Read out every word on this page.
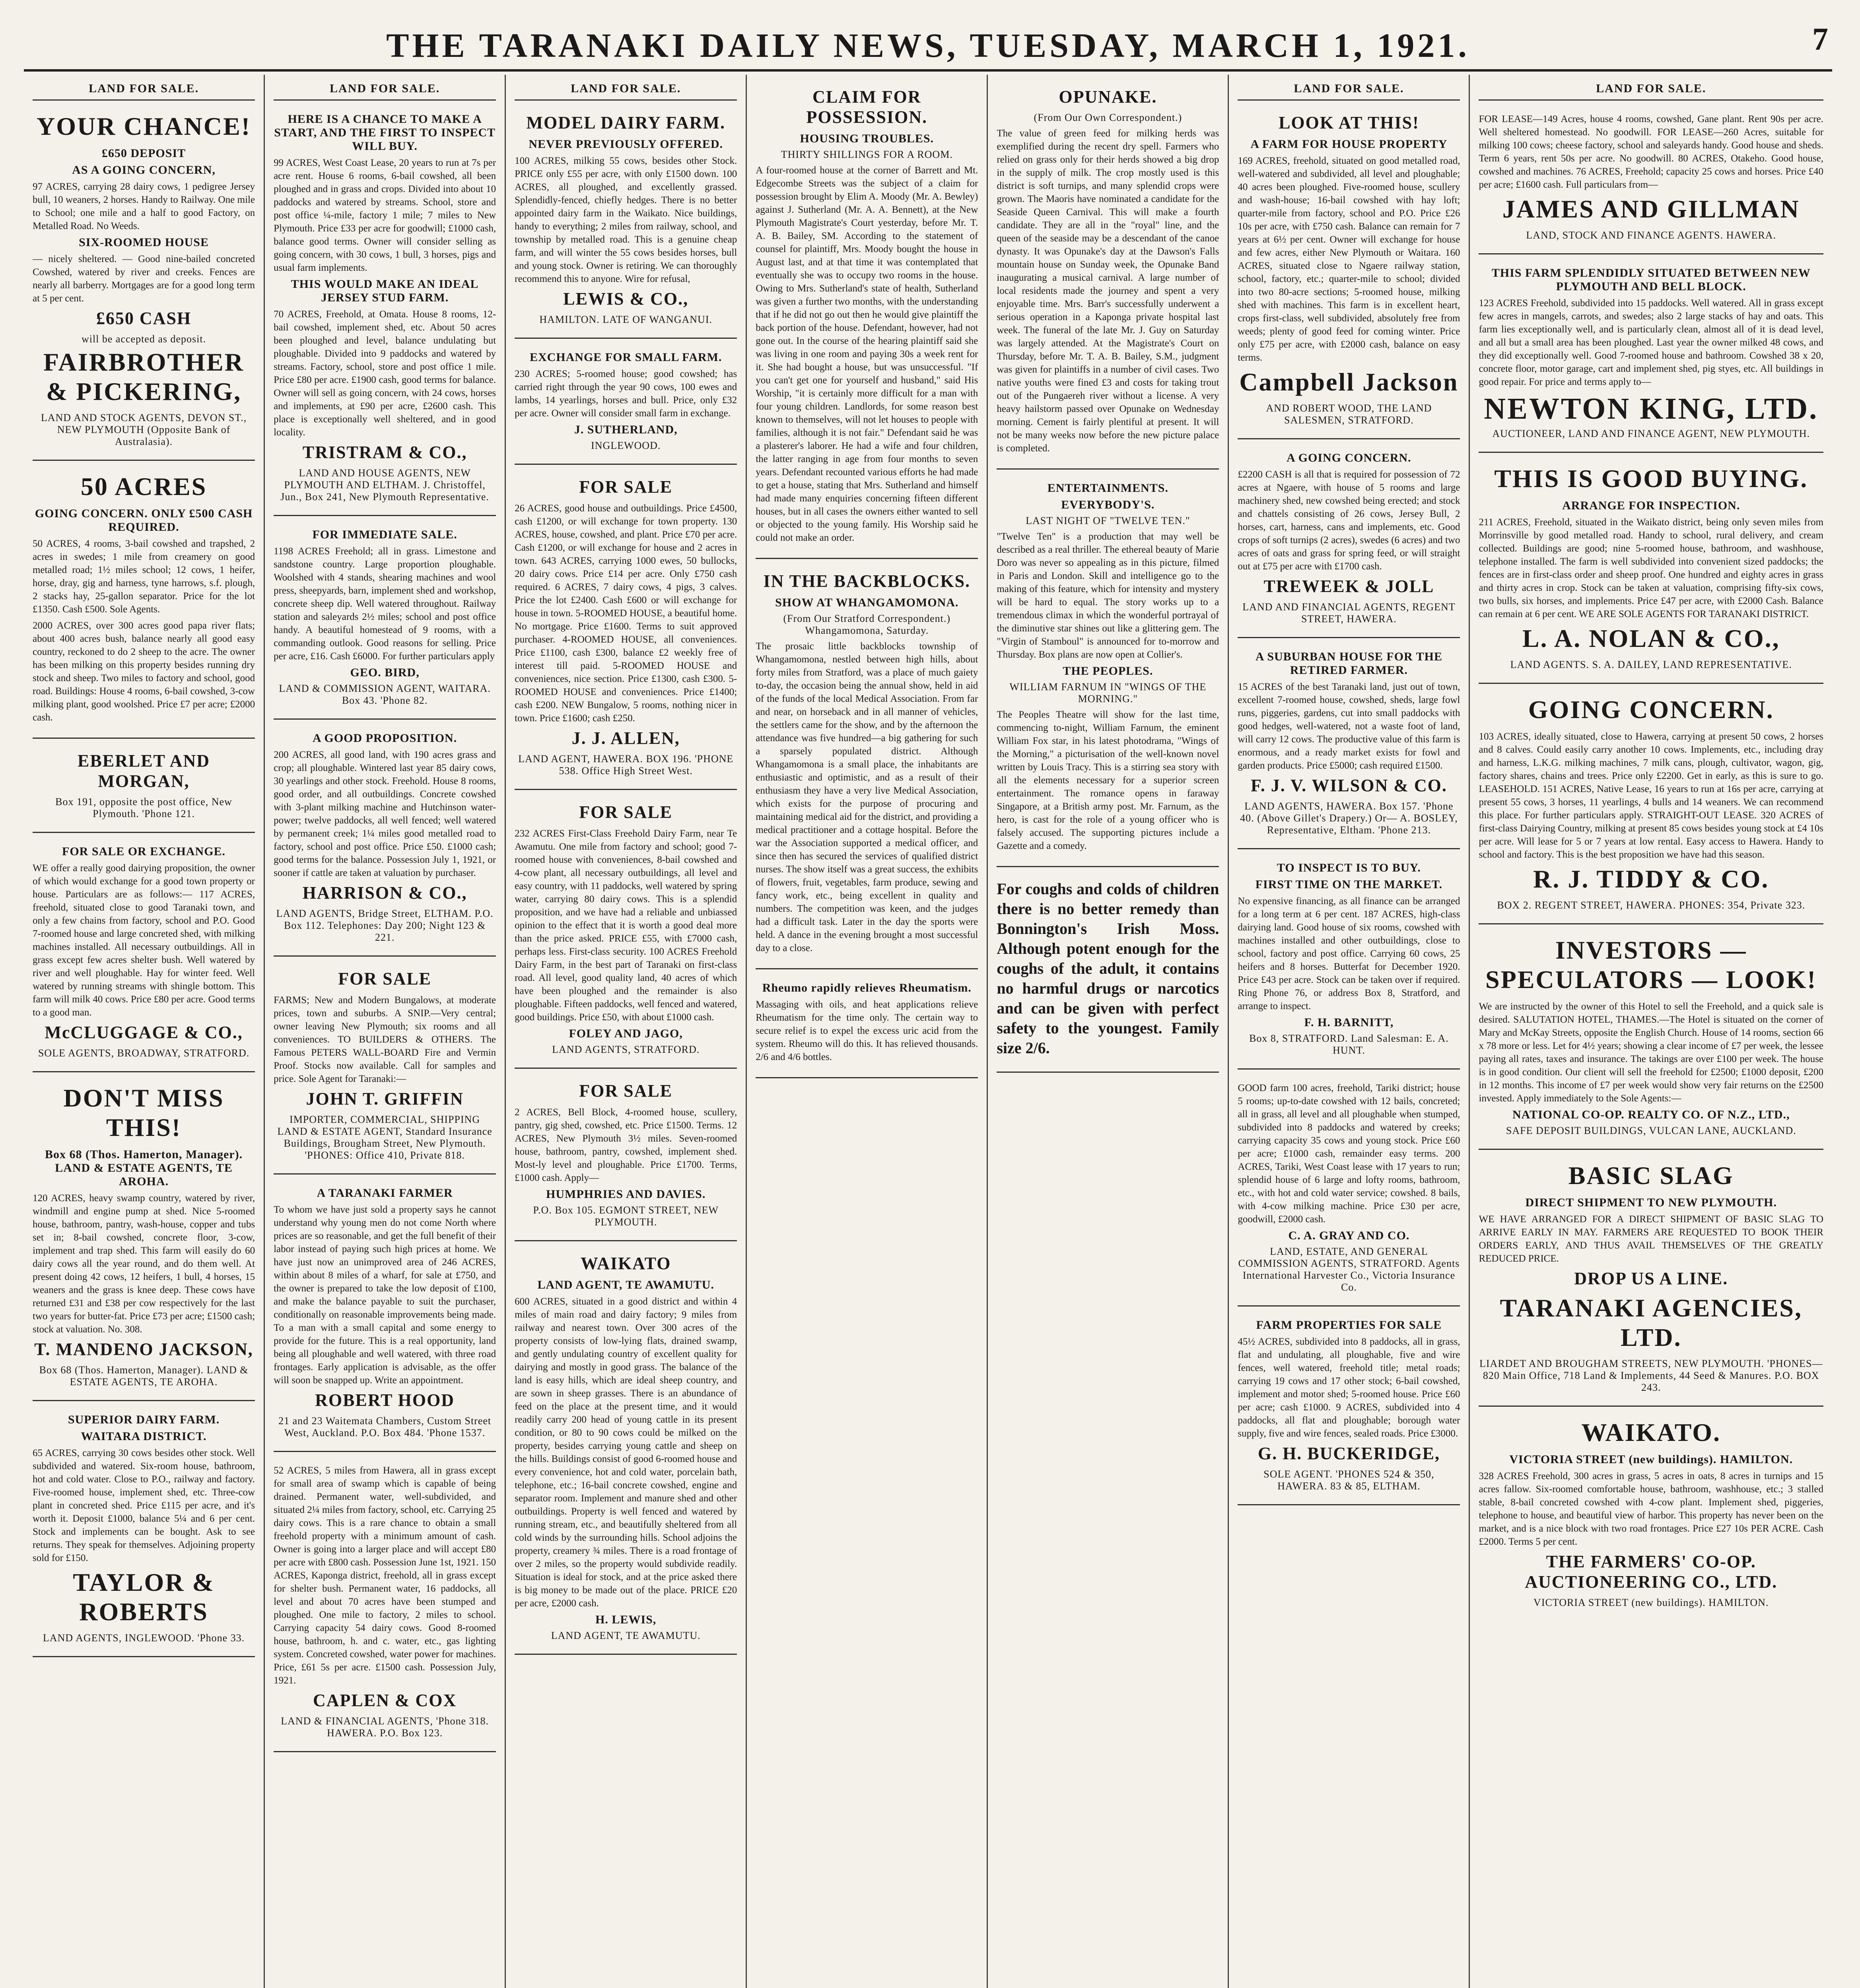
THE TARANAKI DAILY NEWS, TUESDAY, MARCH 1, 1921.	7
LAND FOR SALE.
YOUR CHANCE!
£650 DEPOSIT
AS A GOING CONCERN,
97 ACRES, carrying 28 dairy cows, 1 pedigree Jersey bull, 10 weaners, 2 horses. Handy to Railway. One mile to School; one mile and a half to good Factory, on Metalled Road. No Weeds.
SIX-ROOMED HOUSE
— nicely sheltered. — Good nine-bailed concreted Cowshed, watered by river and creeks. Fences are nearly all barberry. Mortgages are for a good long term at 5 per cent.
£650 CASH
will be accepted as deposit.
FAIRBROTHER & PICKERING,
LAND AND STOCK AGENTS, DEVON ST., NEW PLYMOUTH (Opposite Bank of Australasia).
50 ACRES
GOING CONCERN. ONLY £500 CASH REQUIRED.
50 ACRES, 4 rooms, 3-bail cowshed and trapshed, 2 acres in swedes; 1 mile from creamery on good metalled road; 1½ miles school; 12 cows, 1 heifer, horse, dray, gig and harness, tyne harrows, s.f. plough, 2 stacks hay, 25-gallon separator. Price for the lot £1350. Cash £500. Sole Agents.
2000 ACRES, over 300 acres good papa river flats; about 400 acres bush, balance nearly all good easy country, reckoned to do 2 sheep to the acre. The owner has been milking on this property besides running dry stock and sheep. Two miles to factory and school, good road. Buildings: House 4 rooms, 6-bail cowshed, 3-cow milking plant, good woolshed. Price £7 per acre; £2000 cash.
EBERLET AND MORGAN,
Box 191, opposite the post office, New Plymouth. 'Phone 121.
FOR SALE OR EXCHANGE.
WE offer a really good dairying proposition, the owner of which would exchange for a good town property or house. Particulars are as follows:— 117 ACRES, freehold, situated close to good Taranaki town, and only a few chains from factory, school and P.O. Good 7-roomed house and large concreted shed, with milking machines installed. All necessary outbuildings. All in grass except few acres shelter bush. Well watered by river and well ploughable. Hay for winter feed. Well watered by running streams with shingle bottom. This farm will milk 40 cows. Price £80 per acre. Good terms to a good man.
McCLUGGAGE & CO.,
SOLE AGENTS, BROADWAY, STRATFORD.
DON'T MISS THIS!
Box 68 (Thos. Hamerton, Manager). LAND & ESTATE AGENTS, TE AROHA.
120 ACRES, heavy swamp country, watered by river, windmill and engine pump at shed. Nice 5-roomed house, bathroom, pantry, wash-house, copper and tubs set in; 8-bail cowshed, concrete floor, 3-cow, implement and trap shed. This farm will easily do 60 dairy cows all the year round, and do them well. At present doing 42 cows, 12 heifers, 1 bull, 4 horses, 15 weaners and the grass is knee deep. These cows have returned £31 and £38 per cow respectively for the last two years for butter-fat. Price £73 per acre; £1500 cash; stock at valuation. No. 308.
T. MANDENO JACKSON,
Box 68 (Thos. Hamerton, Manager). LAND & ESTATE AGENTS, TE AROHA.
SUPERIOR DAIRY FARM.
WAITARA DISTRICT.
65 ACRES, carrying 30 cows besides other stock. Well subdivided and watered. Six-room house, bathroom, hot and cold water. Close to P.O., railway and factory. Five-roomed house, implement shed, etc. Three-cow plant in concreted shed. Price £115 per acre, and it's worth it. Deposit £1000, balance 5¼ and 6 per cent. Stock and implements can be bought. Ask to see returns. They speak for themselves. Adjoining property sold for £150.
TAYLOR & ROBERTS
LAND AGENTS, INGLEWOOD. 'Phone 33.
LAND FOR SALE.
HERE IS A CHANCE TO MAKE A START, AND THE FIRST TO INSPECT WILL BUY.
99 ACRES, West Coast Lease, 20 years to run at 7s per acre rent. House 6 rooms, 6-bail cowshed, all been ploughed and in grass and crops. Divided into about 10 paddocks and watered by streams. School, store and post office ¼-mile, factory 1 mile; 7 miles to New Plymouth. Price £33 per acre for goodwill; £1000 cash, balance good terms. Owner will consider selling as going concern, with 30 cows, 1 bull, 3 horses, pigs and usual farm implements.
THIS WOULD MAKE AN IDEAL JERSEY STUD FARM.
70 ACRES, Freehold, at Omata. House 8 rooms, 12-bail cowshed, implement shed, etc. About 50 acres been ploughed and level, balance undulating but ploughable. Divided into 9 paddocks and watered by streams. Factory, school, store and post office 1 mile. Price £80 per acre. £1900 cash, good terms for balance. Owner will sell as going concern, with 24 cows, horses and implements, at £90 per acre, £2600 cash. This place is exceptionally well sheltered, and in good locality.
TRISTRAM & CO.,
LAND AND HOUSE AGENTS, NEW PLYMOUTH AND ELTHAM. J. Christoffel, Jun., Box 241, New Plymouth Representative.
FOR IMMEDIATE SALE.
1198 ACRES Freehold; all in grass. Limestone and sandstone country. Large proportion ploughable. Woolshed with 4 stands, shearing machines and wool press, sheepyards, barn, implement shed and workshop, concrete sheep dip. Well watered throughout. Railway station and saleyards 2½ miles; school and post office handy. A beautiful homestead of 9 rooms, with a commanding outlook. Good reasons for selling. Price per acre, £16. Cash £6000. For further particulars apply
GEO. BIRD,
LAND & COMMISSION AGENT, WAITARA. Box 43. 'Phone 82.
A GOOD PROPOSITION.
200 ACRES, all good land, with 190 acres grass and crop; all ploughable. Wintered last year 85 dairy cows, 30 yearlings and other stock. Freehold. House 8 rooms, good order, and all outbuildings. Concrete cowshed with 3-plant milking machine and Hutchinson water-power; twelve paddocks, all well fenced; well watered by permanent creek; 1¼ miles good metalled road to factory, school and post office. Price £50. £1000 cash; good terms for the balance. Possession July 1, 1921, or sooner if cattle are taken at valuation by purchaser.
HARRISON & CO.,
LAND AGENTS, Bridge Street, ELTHAM. P.O. Box 112. Telephones: Day 200; Night 123 & 221.
FOR SALE
FARMS; New and Modern Bungalows, at moderate prices, town and suburbs. A SNIP.—Very central; owner leaving New Plymouth; six rooms and all conveniences. TO BUILDERS & OTHERS. The Famous PETERS WALL-BOARD Fire and Vermin Proof. Stocks now available. Call for samples and price. Sole Agent for Taranaki:—
JOHN T. GRIFFIN
IMPORTER, COMMERCIAL, SHIPPING LAND & ESTATE AGENT, Standard Insurance Buildings, Brougham Street, New Plymouth. 'PHONES: Office 410, Private 818.
A TARANAKI FARMER
To whom we have just sold a property says he cannot understand why young men do not come North where prices are so reasonable, and get the full benefit of their labor instead of paying such high prices at home. We have just now an unimproved area of 246 ACRES, within about 8 miles of a wharf, for sale at £750, and the owner is prepared to take the low deposit of £100, and make the balance payable to suit the purchaser, conditionally on reasonable improvements being made. To a man with a small capital and some energy to provide for the future. This is a real opportunity, land being all ploughable and well watered, with three road frontages. Early application is advisable, as the offer will soon be snapped up. Write an appointment.
ROBERT HOOD
21 and 23 Waitemata Chambers, Custom Street West, Auckland. P.O. Box 484. 'Phone 1537.
52 ACRES, 5 miles from Hawera, all in grass except for small area of swamp which is capable of being drained. Permanent water, well-subdivided, and situated 2¼ miles from factory, school, etc. Carrying 25 dairy cows. This is a rare chance to obtain a small freehold property with a minimum amount of cash. Owner is going into a larger place and will accept £80 per acre with £800 cash. Possession June 1st, 1921. 150 ACRES, Kaponga district, freehold, all in grass except for shelter bush. Permanent water, 16 paddocks, all level and about 70 acres have been stumped and ploughed. One mile to factory, 2 miles to school. Carrying capacity 54 dairy cows. Good 8-roomed house, bathroom, h. and c. water, etc., gas lighting system. Concreted cowshed, water power for machines. Price, £61 5s per acre. £1500 cash. Possession July, 1921.
CAPLEN & COX
LAND & FINANCIAL AGENTS, 'Phone 318. HAWERA. P.O. Box 123.
LAND FOR SALE.
MODEL DAIRY FARM.
NEVER PREVIOUSLY OFFERED.
100 ACRES, milking 55 cows, besides other Stock. PRICE only £55 per acre, with only £1500 down. 100 ACRES, all ploughed, and excellently grassed. Splendidly-fenced, chiefly hedges. There is no better appointed dairy farm in the Waikato. Nice buildings, handy to everything; 2 miles from railway, school, and township by metalled road. This is a genuine cheap farm, and will winter the 55 cows besides horses, bull and young stock. Owner is retiring. We can thoroughly recommend this to anyone. Wire for refusal,
LEWIS & CO.,
HAMILTON. LATE OF WANGANUI.
EXCHANGE FOR SMALL FARM.
230 ACRES; 5-roomed house; good cowshed; has carried right through the year 90 cows, 100 ewes and lambs, 14 yearlings, horses and bull. Price, only £32 per acre. Owner will consider small farm in exchange.
J. SUTHERLAND,
INGLEWOOD.
FOR SALE
26 ACRES, good house and outbuildings. Price £4500, cash £1200, or will exchange for town property. 130 ACRES, house, cowshed, and plant. Price £70 per acre. Cash £1200, or will exchange for house and 2 acres in town. 643 ACRES, carrying 1000 ewes, 50 bullocks, 20 dairy cows. Price £14 per acre. Only £750 cash required. 6 ACRES, 7 dairy cows, 4 pigs, 3 calves. Price the lot £2400. Cash £600 or will exchange for house in town. 5-ROOMED HOUSE, a beautiful home. No mortgage. Price £1600. Terms to suit approved purchaser. 4-ROOMED HOUSE, all conveniences. Price £1100, cash £300, balance £2 weekly free of interest till paid. 5-ROOMED HOUSE and conveniences, nice section. Price £1300, cash £300. 5-ROOMED HOUSE and conveniences. Price £1400; cash £200. NEW Bungalow, 5 rooms, nothing nicer in town. Price £1600; cash £250.
J. J. ALLEN,
LAND AGENT, HAWERA. BOX 196. 'PHONE 538. Office High Street West.
FOR SALE
232 ACRES First-Class Freehold Dairy Farm, near Te Awamutu. One mile from factory and school; good 7-roomed house with conveniences, 8-bail cowshed and 4-cow plant, all necessary outbuildings, all level and easy country, with 11 paddocks, well watered by spring water, carrying 80 dairy cows. This is a splendid proposition, and we have had a reliable and unbiassed opinion to the effect that it is worth a good deal more than the price asked. PRICE £55, with £7000 cash, perhaps less. First-class security. 100 ACRES Freehold Dairy Farm, in the best part of Taranaki on first-class road. All level, good quality land, 40 acres of which have been ploughed and the remainder is also ploughable. Fifteen paddocks, well fenced and watered, good buildings. Price £50, with about £1000 cash.
FOLEY AND JAGO,
LAND AGENTS, STRATFORD.
FOR SALE
2 ACRES, Bell Block, 4-roomed house, scullery, pantry, gig shed, cowshed, etc. Price £1500. Terms. 12 ACRES, New Plymouth 3½ miles. Seven-roomed house, bathroom, pantry, cowshed, implement shed. Most-ly level and ploughable. Price £1700. Terms, £1000 cash. Apply—
HUMPHRIES AND DAVIES.
P.O. Box 105. EGMONT STREET, NEW PLYMOUTH.
WAIKATO
LAND AGENT, TE AWAMUTU.
600 ACRES, situated in a good district and within 4 miles of main road and dairy factory; 9 miles from railway and nearest town. Over 300 acres of the property consists of low-lying flats, drained swamp, and gently undulating country of excellent quality for dairying and mostly in good grass. The balance of the land is easy hills, which are ideal sheep country, and are sown in sheep grasses. There is an abundance of feed on the place at the present time, and it would readily carry 200 head of young cattle in its present condition, or 80 to 90 cows could be milked on the property, besides carrying young cattle and sheep on the hills. Buildings consist of good 6-roomed house and every convenience, hot and cold water, porcelain bath, telephone, etc.; 16-bail concrete cowshed, engine and separator room. Implement and manure shed and other outbuildings. Property is well fenced and watered by running stream, etc., and beautifully sheltered from all cold winds by the surrounding hills. School adjoins the property, creamery ¾ miles. There is a road frontage of over 2 miles, so the property would subdivide readily. Situation is ideal for stock, and at the price asked there is big money to be made out of the place. PRICE £20 per acre, £2000 cash.
H. LEWIS,
LAND AGENT, TE AWAMUTU.
CLAIM FOR POSSESSION.
HOUSING TROUBLES.
THIRTY SHILLINGS FOR A ROOM.
A four-roomed house at the corner of Barrett and Mt. Edgecombe Streets was the subject of a claim for possession brought by Elim A. Moody (Mr. A. Bewley) against J. Sutherland (Mr. A. A. Bennett), at the New Plymouth Magistrate's Court yesterday, before Mr. T. A. B. Bailey, SM. According to the statement of counsel for plaintiff, Mrs. Moody bought the house in August last, and at that time it was contemplated that eventually she was to occupy two rooms in the house. Owing to Mrs. Sutherland's state of health, Sutherland was given a further two months, with the understanding that if he did not go out then he would give plaintiff the back portion of the house. Defendant, however, had not gone out. In the course of the hearing plaintiff said she was living in one room and paying 30s a week rent for it. She had bought a house, but was unsuccessful. "If you can't get one for yourself and husband," said His Worship, "it is certainly more difficult for a man with four young children. Landlords, for some reason best known to themselves, will not let houses to people with families, although it is not fair." Defendant said he was a plasterer's laborer. He had a wife and four children, the latter ranging in age from four months to seven years. Defendant recounted various efforts he had made to get a house, stating that Mrs. Sutherland and himself had made many enquiries concerning fifteen different houses, but in all cases the owners either wanted to sell or objected to the young family. His Worship said he could not make an order.
IN THE BACKBLOCKS.
SHOW AT WHANGAMOMONA.
(From Our Stratford Correspondent.) Whangamomona, Saturday.
The prosaic little backblocks township of Whangamomona, nestled between high hills, about forty miles from Stratford, was a place of much gaiety to-day, the occasion being the annual show, held in aid of the funds of the local Medical Association. From far and near, on horseback and in all manner of vehicles, the settlers came for the show, and by the afternoon the attendance was five hundred—a big gathering for such a sparsely populated district. Although Whangamomona is a small place, the inhabitants are enthusiastic and optimistic, and as a result of their enthusiasm they have a very live Medical Association, which exists for the purpose of procuring and maintaining medical aid for the district, and providing a medical practitioner and a cottage hospital. Before the war the Association supported a medical officer, and since then has secured the services of qualified district nurses. The show itself was a great success, the exhibits of flowers, fruit, vegetables, farm produce, sewing and fancy work, etc., being excellent in quality and numbers. The competition was keen, and the judges had a difficult task. Later in the day the sports were held. A dance in the evening brought a most successful day to a close.
Rheumo rapidly relieves Rheumatism.
Massaging with oils, and heat applications relieve Rheumatism for the time only. The certain way to secure relief is to expel the excess uric acid from the system. Rheumo will do this. It has relieved thousands. 2/6 and 4/6 bottles.
OPUNAKE.
(From Our Own Correspondent.)
The value of green feed for milking herds was exemplified during the recent dry spell. Farmers who relied on grass only for their herds showed a big drop in the supply of milk. The crop mostly used is this district is soft turnips, and many splendid crops were grown. The Maoris have nominated a candidate for the Seaside Queen Carnival. This will make a fourth candidate. They are all in the "royal" line, and the queen of the seaside may be a descendant of the canoe dynasty. It was Opunake's day at the Dawson's Falls mountain house on Sunday week, the Opunake Band inaugurating a musical carnival. A large number of local residents made the journey and spent a very enjoyable time. Mrs. Barr's successfully underwent a serious operation in a Kaponga private hospital last week. The funeral of the late Mr. J. Guy on Saturday was largely attended. At the Magistrate's Court on Thursday, before Mr. T. A. B. Bailey, S.M., judgment was given for plaintiffs in a number of civil cases. Two native youths were fined £3 and costs for taking trout out of the Pungaereh river without a license. A very heavy hailstorm passed over Opunake on Wednesday morning. Cement is fairly plentiful at present. It will not be many weeks now before the new picture palace is completed.
ENTERTAINMENTS.
EVERYBODY'S.
LAST NIGHT OF "TWELVE TEN."
"Twelve Ten" is a production that may well be described as a real thriller. The ethereal beauty of Marie Doro was never so appealing as in this picture, filmed in Paris and London. Skill and intelligence go to the making of this feature, which for intensity and mystery will be hard to equal. The story works up to a tremendous climax in which the wonderful portrayal of the diminutive star shines out like a glittering gem. The "Virgin of Stamboul" is announced for to-morrow and Thursday. Box plans are now open at Collier's.
THE PEOPLES.
WILLIAM FARNUM IN "WINGS OF THE MORNING."
The Peoples Theatre will show for the last time, commencing to-night, William Farnum, the eminent William Fox star, in his latest photodrama, "Wings of the Morning," a picturisation of the well-known novel written by Louis Tracy. This is a stirring sea story with all the elements necessary for a superior screen entertainment. The romance opens in faraway Singapore, at a British army post. Mr. Farnum, as the hero, is cast for the role of a young officer who is falsely accused. The supporting pictures include a Gazette and a comedy.
For coughs and colds of children there is no better remedy than Bonnington's Irish Moss. Although potent enough for the coughs of the adult, it contains no harmful drugs or narcotics and can be given with perfect safety to the youngest. Family size 2/6.
LAND FOR SALE.
LOOK AT THIS!
A FARM FOR HOUSE PROPERTY
169 ACRES, freehold, situated on good metalled road, well-watered and subdivided, all level and ploughable; 40 acres been ploughed. Five-roomed house, scullery and wash-house; 16-bail cowshed with hay loft; quarter-mile from factory, school and P.O. Price £26 10s per acre, with £750 cash. Balance can remain for 7 years at 6½ per cent. Owner will exchange for house and few acres, either New Plymouth or Waitara. 160 ACRES, situated close to Ngaere railway station, school, factory, etc.; quarter-mile to school; divided into two 80-acre sections; 5-roomed house, milking shed with machines. This farm is in excellent heart, crops first-class, well subdivided, absolutely free from weeds; plenty of good feed for coming winter. Price only £75 per acre, with £2000 cash, balance on easy terms.
Campbell Jackson
AND ROBERT WOOD, THE LAND SALESMEN, STRATFORD.
A GOING CONCERN.
£2200 CASH is all that is required for possession of 72 acres at Ngaere, with house of 5 rooms and large machinery shed, new cowshed being erected; and stock and chattels consisting of 26 cows, Jersey Bull, 2 horses, cart, harness, cans and implements, etc. Good crops of soft turnips (2 acres), swedes (6 acres) and two acres of oats and grass for spring feed, or will straight out at £75 per acre with £1700 cash.
TREWEEK & JOLL
LAND AND FINANCIAL AGENTS, REGENT STREET, HAWERA.
A SUBURBAN HOUSE FOR THE RETIRED FARMER.
15 ACRES of the best Taranaki land, just out of town, excellent 7-roomed house, cowshed, sheds, large fowl runs, piggeries, gardens, cut into small paddocks with good hedges, well-watered, not a waste foot of land, will carry 12 cows. The productive value of this farm is enormous, and a ready market exists for fowl and garden products. Price £5000; cash required £1500.
F. J. V. WILSON & CO.
LAND AGENTS, HAWERA. Box 157. 'Phone 40. (Above Gillet's Drapery.) Or— A. BOSLEY, Representative, Eltham. 'Phone 213.
TO INSPECT IS TO BUY.
FIRST TIME ON THE MARKET.
No expensive financing, as all finance can be arranged for a long term at 6 per cent. 187 ACRES, high-class dairying land. Good house of six rooms, cowshed with machines installed and other outbuildings, close to school, factory and post office. Carrying 60 cows, 25 heifers and 8 horses. Butterfat for December 1920. Price £43 per acre. Stock can be taken over if required. Ring Phone 76, or address Box 8, Stratford, and arrange to inspect.
F. H. BARNITT,
Box 8, STRATFORD. Land Salesman: E. A. HUNT.
GOOD farm 100 acres, freehold, Tariki district; house 5 rooms; up-to-date cowshed with 12 bails, concreted; all in grass, all level and all ploughable when stumped, subdivided into 8 paddocks and watered by creeks; carrying capacity 35 cows and young stock. Price £60 per acre; £1000 cash, remainder easy terms. 200 ACRES, Tariki, West Coast lease with 17 years to run; splendid house of 6 large and lofty rooms, bathroom, etc., with hot and cold water service; cowshed. 8 bails, with 4-cow milking machine. Price £30 per acre, goodwill, £2000 cash.
C. A. GRAY AND CO.
LAND, ESTATE, AND GENERAL COMMISSION AGENTS, STRATFORD. Agents International Harvester Co., Victoria Insurance Co.
FARM PROPERTIES FOR SALE
45½ ACRES, subdivided into 8 paddocks, all in grass, flat and undulating, all ploughable, five and wire fences, well watered, freehold title; metal roads; carrying 19 cows and 17 other stock; 6-bail cowshed, implement and motor shed; 5-roomed house. Price £60 per acre; cash £1000. 9 ACRES, subdivided into 4 paddocks, all flat and ploughable; borough water supply, five and wire fences, sealed roads. Price £3000.
G. H. BUCKERIDGE,
SOLE AGENT. 'PHONES 524 & 350, HAWERA. 83 & 85, ELTHAM.
LAND FOR SALE.
FOR LEASE—149 Acres, house 4 rooms, cowshed, Gane plant. Rent 90s per acre. Well sheltered homestead. No goodwill. FOR LEASE—260 Acres, suitable for milking 100 cows; cheese factory, school and saleyards handy. Good house and sheds. Term 6 years, rent 50s per acre. No goodwill. 80 ACRES, Otakeho. Good house, cowshed and machines. 76 ACRES, Freehold; capacity 25 cows and horses. Price £40 per acre; £1600 cash. Full particulars from—
JAMES AND GILLMAN
LAND, STOCK AND FINANCE AGENTS. HAWERA.
THIS FARM SPLENDIDLY SITUATED BETWEEN NEW PLYMOUTH AND BELL BLOCK.
123 ACRES Freehold, subdivided into 15 paddocks. Well watered. All in grass except few acres in mangels, carrots, and swedes; also 2 large stacks of hay and oats. This farm lies exceptionally well, and is particularly clean, almost all of it is dead level, and all but a small area has been ploughed. Last year the owner milked 48 cows, and they did exceptionally well. Good 7-roomed house and bathroom. Cowshed 38 x 20, concrete floor, motor garage, cart and implement shed, pig styes, etc. All buildings in good repair. For price and terms apply to—
NEWTON KING, LTD.
AUCTIONEER, LAND AND FINANCE AGENT, NEW PLYMOUTH.
THIS IS GOOD BUYING.
ARRANGE FOR INSPECTION.
211 ACRES, Freehold, situated in the Waikato district, being only seven miles from Morrinsville by good metalled road. Handy to school, rural delivery, and cream collected. Buildings are good; nine 5-roomed house, bathroom, and washhouse, telephone installed. The farm is well subdivided into convenient sized paddocks; the fences are in first-class order and sheep proof. One hundred and eighty acres in grass and thirty acres in crop. Stock can be taken at valuation, comprising fifty-six cows, two bulls, six horses, and implements. Price £47 per acre, with £2000 Cash. Balance can remain at 6 per cent. WE ARE SOLE AGENTS FOR TARANAKI DISTRICT.
L. A. NOLAN & CO.,
LAND AGENTS. S. A. DAILEY, LAND REPRESENTATIVE.
GOING CONCERN.
103 ACRES, ideally situated, close to Hawera, carrying at present 50 cows, 2 horses and 8 calves. Could easily carry another 10 cows. Implements, etc., including dray and harness, L.K.G. milking machines, 7 milk cans, plough, cultivator, wagon, gig, factory shares, chains and trees. Price only £2200. Get in early, as this is sure to go. LEASEHOLD. 151 ACRES, Native Lease, 16 years to run at 16s per acre, carrying at present 55 cows, 3 horses, 11 yearlings, 4 bulls and 14 weaners. We can recommend this place. For further particulars apply. STRAIGHT-OUT LEASE. 320 ACRES of first-class Dairying Country, milking at present 85 cows besides young stock at £4 10s per acre. Will lease for 5 or 7 years at low rental. Easy access to Hawera. Handy to school and factory. This is the best proposition we have had this season.
R. J. TIDDY & CO.
BOX 2. REGENT STREET, HAWERA. PHONES: 354, Private 323.
INVESTORS — SPECULATORS — LOOK!
We are instructed by the owner of this Hotel to sell the Freehold, and a quick sale is desired. SALUTATION HOTEL, THAMES.—The Hotel is situated on the corner of Mary and McKay Streets, opposite the English Church. House of 14 rooms, section 66 x 78 more or less. Let for 4½ years; showing a clear income of £7 per week, the lessee paying all rates, taxes and insurance. The takings are over £100 per week. The house is in good condition. Our client will sell the freehold for £2500; £1000 deposit, £200 in 12 months. This income of £7 per week would show very fair returns on the £2500 invested. Apply immediately to the Sole Agents:—
NATIONAL CO-OP. REALTY CO. OF N.Z., LTD.,
SAFE DEPOSIT BUILDINGS, VULCAN LANE, AUCKLAND.
BASIC SLAG
DIRECT SHIPMENT TO NEW PLYMOUTH.
WE HAVE ARRANGED FOR A DIRECT SHIPMENT OF BASIC SLAG TO ARRIVE EARLY IN MAY. FARMERS ARE REQUESTED TO BOOK THEIR ORDERS EARLY, AND THUS AVAIL THEMSELVES OF THE GREATLY REDUCED PRICE.
DROP US A LINE.
TARANAKI AGENCIES, LTD.
LIARDET AND BROUGHAM STREETS, NEW PLYMOUTH. 'PHONES—820 Main Office, 718 Land & Implements, 44 Seed & Manures. P.O. BOX 243.
WAIKATO.
VICTORIA STREET (new buildings). HAMILTON.
328 ACRES Freehold, 300 acres in grass, 5 acres in oats, 8 acres in turnips and 15 acres fallow. Six-roomed comfortable house, bathroom, washhouse, etc.; 3 stalled stable, 8-bail concreted cowshed with 4-cow plant. Implement shed, piggeries, telephone to house, and beautiful view of harbor. This property has never been on the market, and is a nice block with two road frontages. Price £27 10s PER ACRE. Cash £2000. Terms 5 per cent.
THE FARMERS' CO-OP. AUCTIONEERING CO., LTD.
VICTORIA STREET (new buildings). HAMILTON.
